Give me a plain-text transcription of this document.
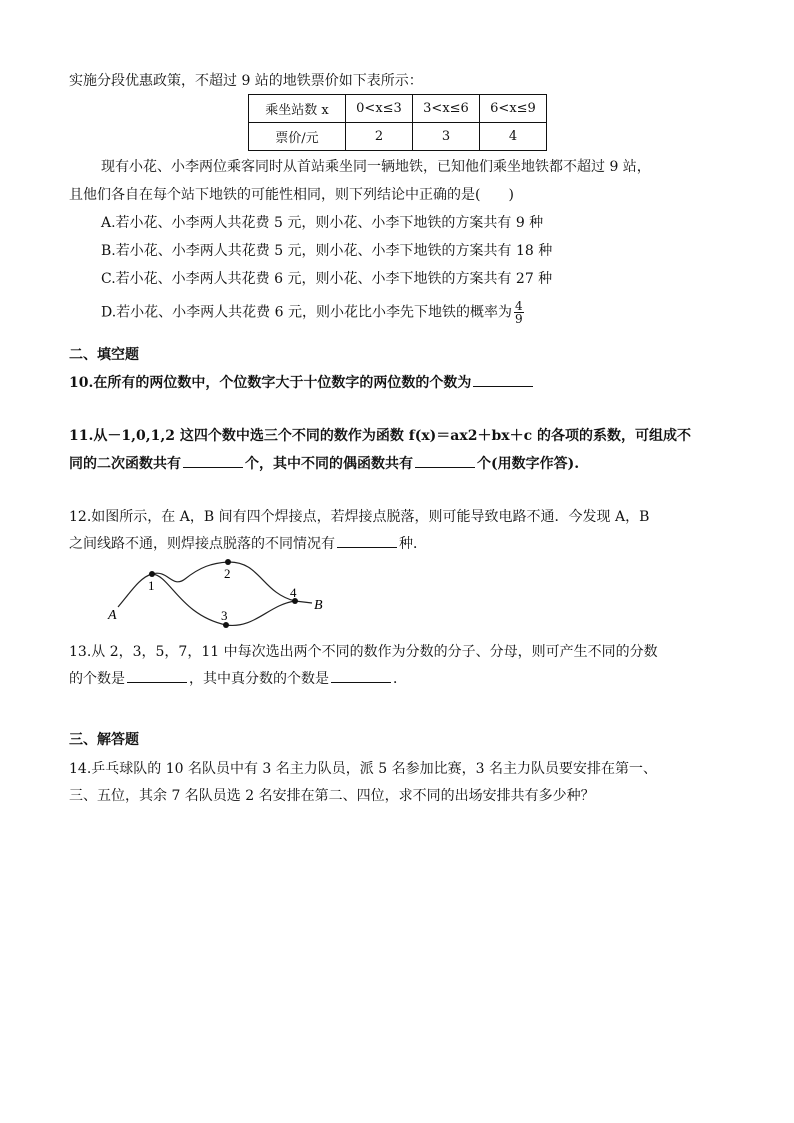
实施分段优惠政策，不超过 9 站的地铁票价如下表所示：
乘坐站数 x	0<x≤3	3<x≤6	6<x≤9
票价/元	2	3	4
现有小花、小李两位乘客同时从首站乘坐同一辆地铁，已知他们乘坐地铁都不超过 9 站，
且他们各自在每个站下地铁的可能性相同，则下列结论中正确的是(　　)
A.若小花、小李两人共花费 5 元，则小花、小李下地铁的方案共有 9 种
B.若小花、小李两人共花费 5 元，则小花、小李下地铁的方案共有 18 种
C.若小花、小李两人共花费 6 元，则小花、小李下地铁的方案共有 27 种
D.若小花、小李两人共花费 6 元，则小花比小李先下地铁的概率为 $\frac{4}{9}$
二、填空题
10.在所有的两位数中，个位数字大于十位数字的两位数的个数为
11.从－1,0,1,2 这四个数中选三个不同的数作为函数 f(x)＝ax2＋bx＋c 的各项的系数，可组成不
同的二次函数共有	个，其中不同的偶函数共有	个(用数字作答).
12.如图所示，在 A，B 间有四个焊接点，若焊接点脱落，则可能导致电路不通．今发现 A，B
之间线路不通，则焊接点脱落的不同情况有	种．
A
B
1
2
3
4
13.从 2，3，5，7，11 中每次选出两个不同的数作为分数的分子、分母，则可产生不同的分数
的个数是	，其中真分数的个数是	．
三、解答题
14.乒乓球队的 10 名队员中有 3 名主力队员，派 5 名参加比赛，3 名主力队员要安排在第一、
三、五位，其余 7 名队员选 2 名安排在第二、四位，求不同的出场安排共有多少种？
